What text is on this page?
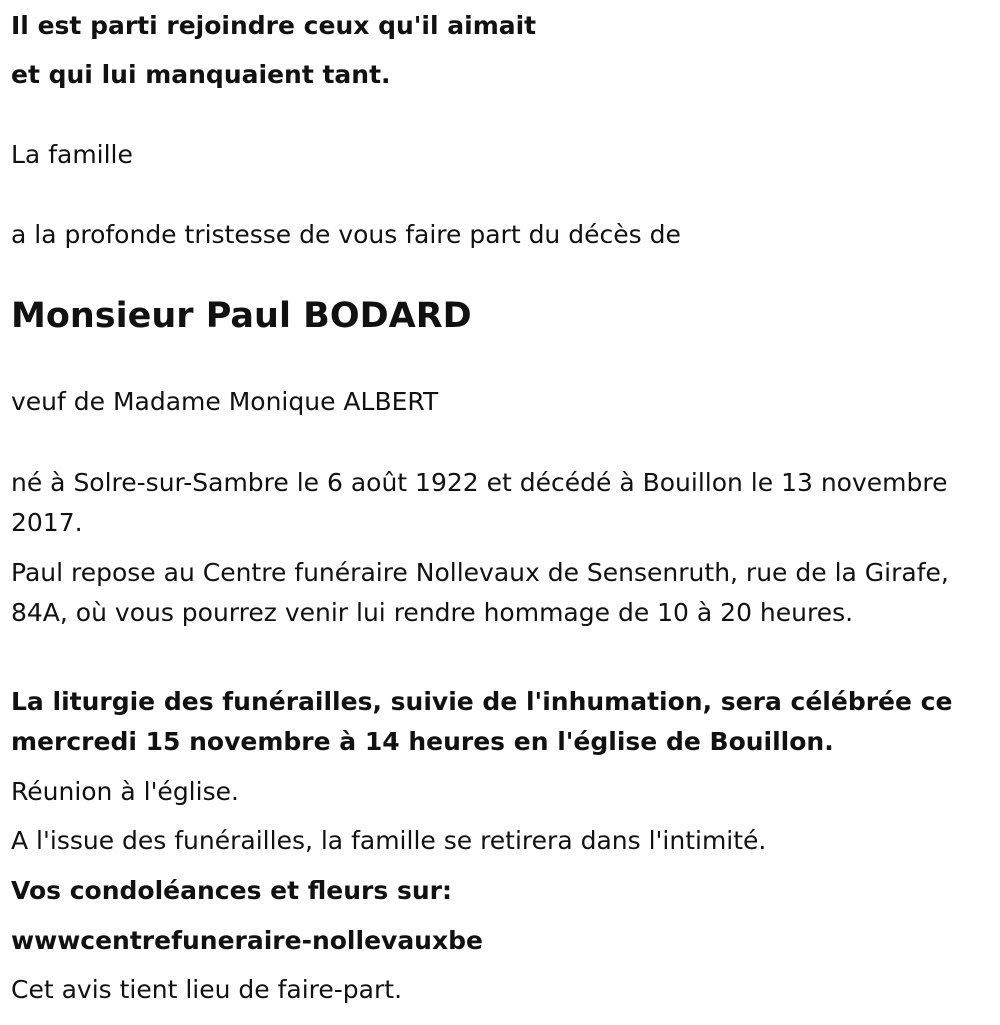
Il est parti rejoindre ceux qu'il aimait

et qui lui manquaient tant.

La famille

a la profonde tristesse de vous faire part du décès de

Monsieur Paul BODARD

veuf de Madame Monique ALBERT

né à Solre-sur-Sambre le 6 août 1922 et décédé à Bouillon le 13 novembre 2017.

Paul repose au Centre funéraire Nollevaux de Sensenruth, rue de la Girafe, 84A, où vous pourrez venir lui rendre hommage de 10 à 20 heures.

La liturgie des funérailles, suivie de l'inhumation, sera célébrée ce mercredi 15 novembre à 14 heures en l'église de Bouillon.

Réunion à l'église.

A l'issue des funérailles, la famille se retirera dans l'intimité.

Vos condoléances et fleurs sur:

wwwcentrefuneraire-nollevauxbe

Cet avis tient lieu de faire-part.
